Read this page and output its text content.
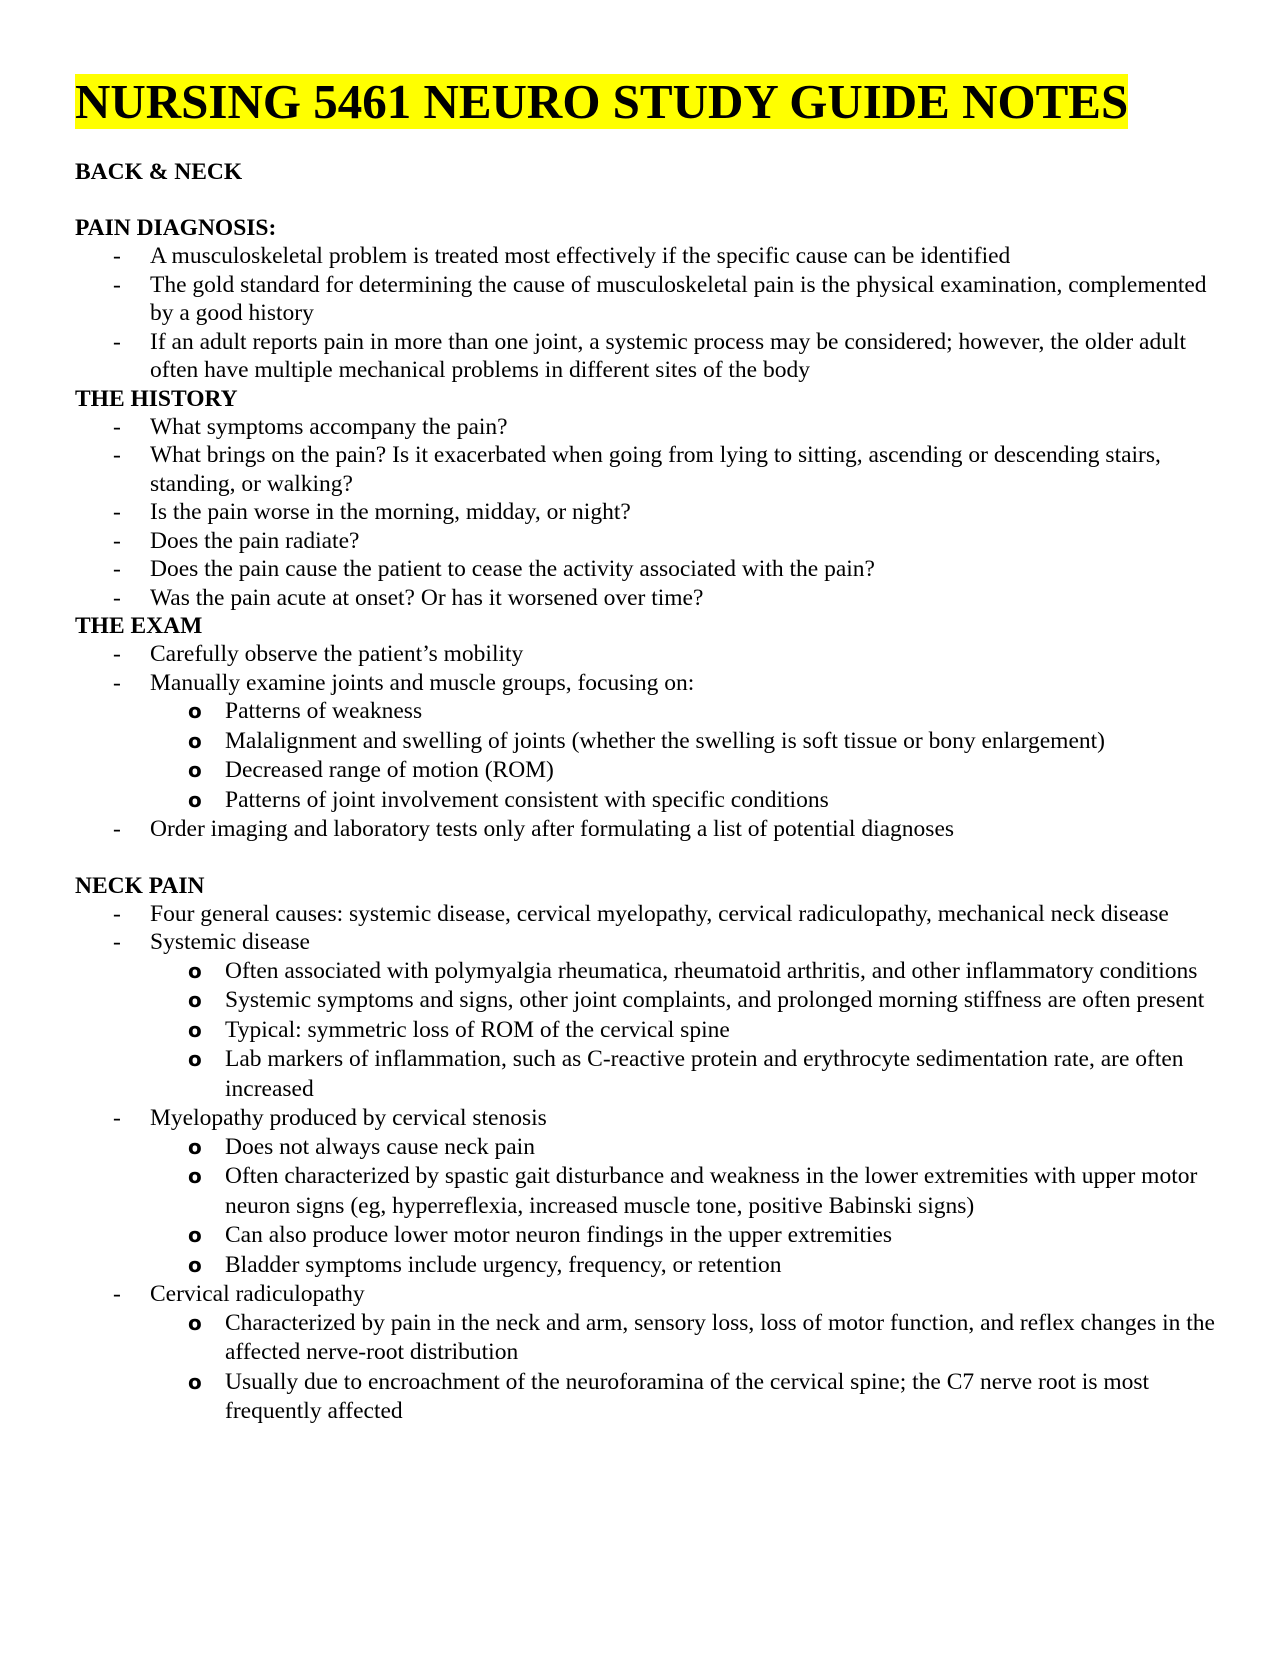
NURSING 5461 NEURO STUDY GUIDE NOTES

BACK & NECK

PAIN DIAGNOSIS:

- A musculoskeletal problem is treated most effectively if the specific cause can be identified
- The gold standard for determining the cause of musculoskeletal pain is the physical examination, complemented by a good history
- If an adult reports pain in more than one joint, a systemic process may be considered; however, the older adult often have multiple mechanical problems in different sites of the body

THE HISTORY

- What symptoms accompany the pain?
- What brings on the pain? Is it exacerbated when going from lying to sitting, ascending or descending stairs, standing, or walking?
- Is the pain worse in the morning, midday, or night?
- Does the pain radiate?
- Does the pain cause the patient to cease the activity associated with the pain?
- Was the pain acute at onset? Or has it worsened over time?

THE EXAM

- Carefully observe the patient’s mobility
- Manually examine joints and muscle groups, focusing on:
o Patterns of weakness
o Malalignment and swelling of joints (whether the swelling is soft tissue or bony enlargement)
o Decreased range of motion (ROM)
o Patterns of joint involvement consistent with specific conditions
- Order imaging and laboratory tests only after formulating a list of potential diagnoses

NECK PAIN

- Four general causes: systemic disease, cervical myelopathy, cervical radiculopathy, mechanical neck disease
- Systemic disease
o Often associated with polymyalgia rheumatica, rheumatoid arthritis, and other inflammatory conditions
o Systemic symptoms and signs, other joint complaints, and prolonged morning stiffness are often present
o Typical: symmetric loss of ROM of the cervical spine
o Lab markers of inflammation, such as C-reactive protein and erythrocyte sedimentation rate, are often increased
- Myelopathy produced by cervical stenosis
o Does not always cause neck pain
o Often characterized by spastic gait disturbance and weakness in the lower extremities with upper motor neuron signs (eg, hyperreflexia, increased muscle tone, positive Babinski signs)
o Can also produce lower motor neuron findings in the upper extremities
o Bladder symptoms include urgency, frequency, or retention
- Cervical radiculopathy
o Characterized by pain in the neck and arm, sensory loss, loss of motor function, and reflex changes in the affected nerve-root distribution
o Usually due to encroachment of the neuroforamina of the cervical spine; the C7 nerve root is most frequently affected
